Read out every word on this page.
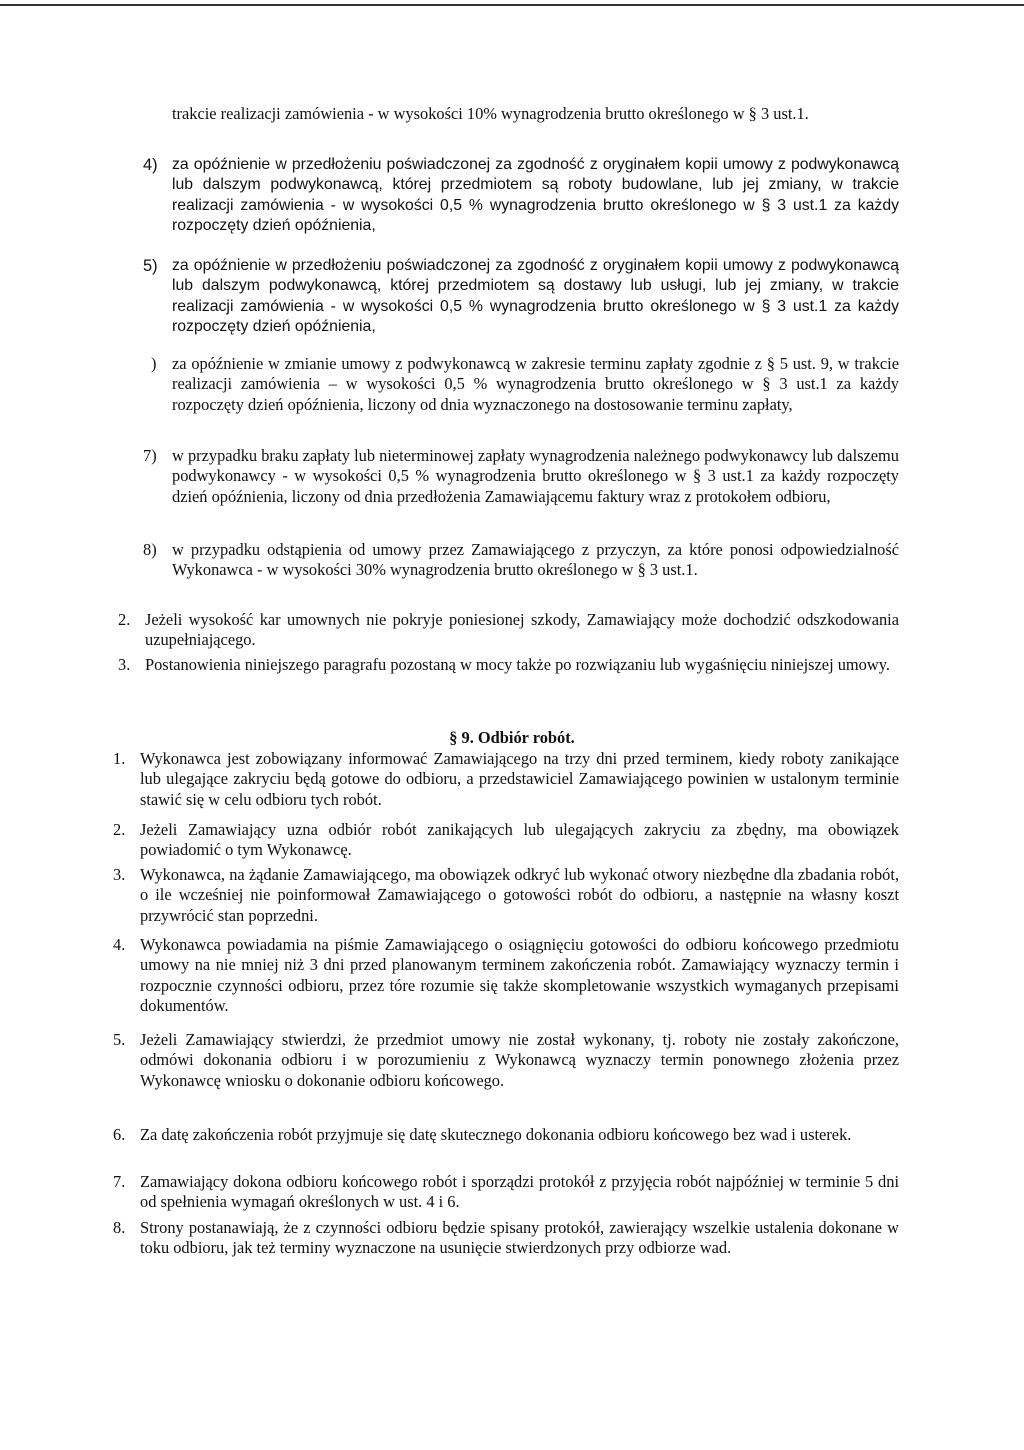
trakcie realizacji zamówienia - w wysokości 10% wynagrodzenia brutto określonego w § 3 ust.1.
4) za opóźnienie w przedłożeniu poświadczonej za zgodność z oryginałem kopii umowy z podwykonawcą lub dalszym podwykonawcą, której przedmiotem są roboty budowlane, lub jej zmiany, w trakcie realizacji zamówienia - w wysokości 0,5 % wynagrodzenia brutto określonego w § 3 ust.1 za każdy rozpoczęty dzień opóźnienia,
5) za opóźnienie w przedłożeniu poświadczonej za zgodność z oryginałem kopii umowy z podwykonawcą lub dalszym podwykonawcą, której przedmiotem są dostawy lub usługi, lub jej zmiany, w trakcie realizacji zamówienia - w wysokości 0,5 % wynagrodzenia brutto określonego w § 3 ust.1 za każdy rozpoczęty dzień opóźnienia,
) za opóźnienie w zmianie umowy z podwykonawcą w zakresie terminu zapłaty zgodnie z § 5 ust. 9, w trakcie realizacji zamówienia – w wysokości 0,5 % wynagrodzenia brutto określonego w § 3 ust.1 za każdy rozpoczęty dzień opóźnienia, liczony od dnia wyznaczonego na dostosowanie terminu zapłaty,
7) w przypadku braku zapłaty lub nieterminowej zapłaty wynagrodzenia należnego podwykonawcy lub dalszemu podwykonawcy - w wysokości 0,5 % wynagrodzenia brutto określonego w § 3 ust.1 za każdy rozpoczęty dzień opóźnienia, liczony od dnia przedłożenia Zamawiającemu faktury wraz z protokołem odbioru,
8) w przypadku odstąpienia od umowy przez Zamawiającego z przyczyn, za które ponosi odpowiedzialność Wykonawca - w wysokości 30% wynagrodzenia brutto określonego w § 3 ust.1.
2. Jeżeli wysokość kar umownych nie pokryje poniesionej szkody, Zamawiający może dochodzić odszkodowania uzupełniającego.
3. Postanowienia niniejszego paragrafu pozostaną w mocy także po rozwiązaniu lub wygaśnięciu niniejszej umowy.
§ 9. Odbiór robót.
1. Wykonawca jest zobowiązany informować Zamawiającego na trzy dni przed terminem, kiedy roboty zanikające lub ulegające zakryciu będą gotowe do odbioru, a przedstawiciel Zamawiającego powinien w ustalonym terminie stawić się w celu odbioru tych robót.
2. Jeżeli Zamawiający uzna odbiór robót zanikających lub ulegających zakryciu za zbędny, ma obowiązek powiadomić o tym Wykonawcę.
3. Wykonawca, na żądanie Zamawiającego, ma obowiązek odkryć lub wykonać otwory niezbędne dla zbadania robót, o ile wcześniej nie poinformował Zamawiającego o gotowości robót do odbioru, a następnie na własny koszt przywrócić stan poprzedni.
4. Wykonawca powiadamia na piśmie Zamawiającego o osiągnięciu gotowości do odbioru końcowego przedmiotu umowy na nie mniej niż 3 dni przed planowanym terminem zakończenia robót. Zamawiający wyznaczy termin i rozpocznie czynności odbioru, przez tóre rozumie się także skompletowanie wszystkich wymaganych przepisami dokumentów.
5. Jeżeli Zamawiający stwierdzi, że przedmiot umowy nie został wykonany, tj. roboty nie zostały zakończone, odmówi dokonania odbioru i w porozumieniu z Wykonawcą wyznaczy termin ponownego złożenia przez Wykonawcę wniosku o dokonanie odbioru końcowego.
6. Za datę zakończenia robót przyjmuje się datę skutecznego dokonania odbioru końcowego bez wad i usterek.
7. Zamawiający dokona odbioru końcowego robót i sporządzi protokół z przyjęcia robót najpóźniej w terminie 5 dni od spełnienia wymagań określonych w ust. 4 i 6.
8. Strony postanawiają, że z czynności odbioru będzie spisany protokół, zawierający wszelkie ustalenia dokonane w toku odbioru, jak też terminy wyznaczone na usunięcie stwierdzonych przy odbiorze wad.
